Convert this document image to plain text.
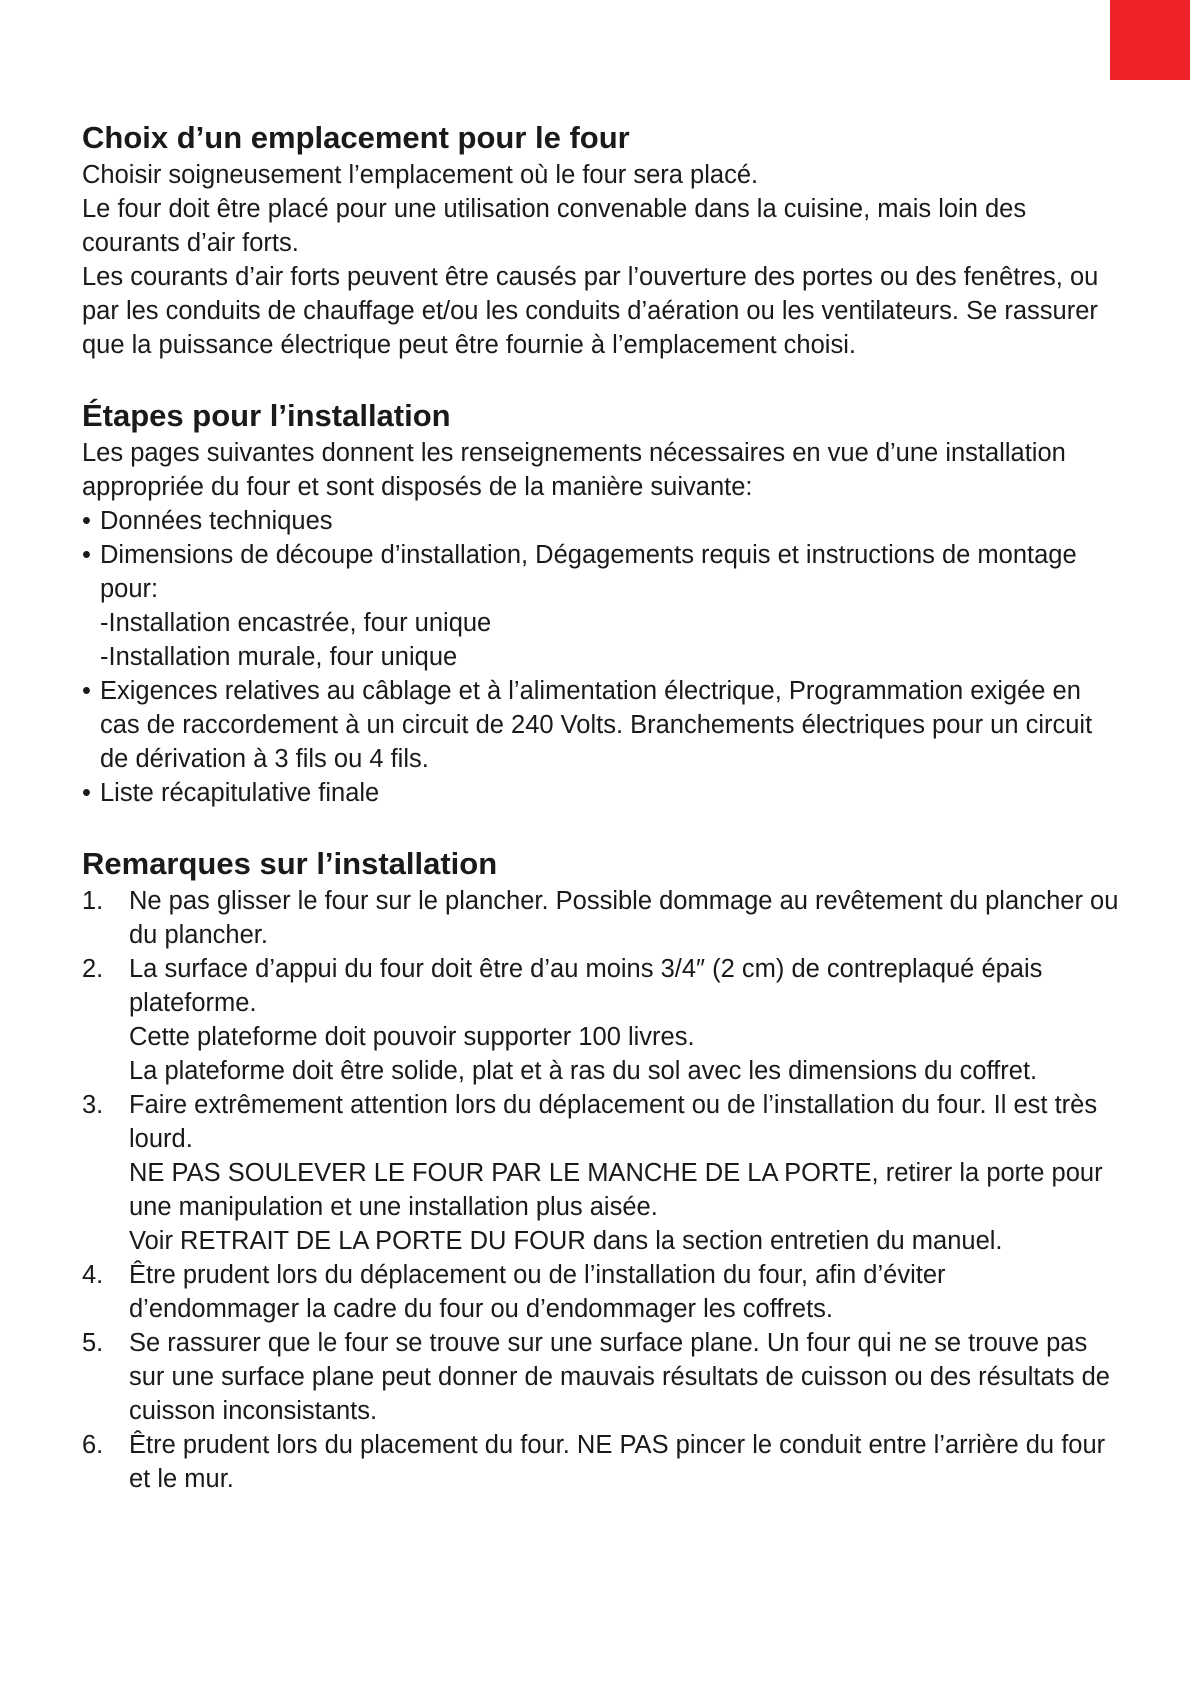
Choix d’un emplacement pour le four

Choisir soigneusement l’emplacement où le four sera placé.

Le four doit être placé pour une utilisation convenable dans la cuisine, mais loin des courants d’air forts.

Les courants d’air forts peuvent être causés par l’ouverture des portes ou des fenêtres, ou par les conduits de chauffage et/ou les conduits d’aération ou les ventilateurs. Se rassurer que la puissance électrique peut être fournie à l’emplacement choisi.

Étapes pour l’installation

Les pages suivantes donnent les renseignements nécessaires en vue d’une installation appropriée du four et sont disposés de la manière suivante:

• Données techniques
• Dimensions de découpe d’installation, Dégagements requis et instructions de montage pour:

-Installation encastrée, four unique

-Installation murale, four unique

• Exigences relatives au câblage et à l’alimentation électrique, Programmation exigée en cas de raccordement à un circuit de 240 Volts. Branchements électriques pour un circuit de dérivation à 3 fils ou 4 fils.
• Liste récapitulative finale
Remarques sur l’installation
1. Ne pas glisser le four sur le plancher. Possible dommage au revêtement du plancher ou du plancher.

2. La surface d’appui du four doit être d’au moins 3/4″ (2 cm) de contreplaqué épais plateforme.

Cette plateforme doit pouvoir supporter 100 livres.

La plateforme doit être solide, plat et à ras du sol avec les dimensions du coffret.

3. Faire extrêmement attention lors du déplacement ou de l’installation du four. Il est très lourd.

NE PAS SOULEVER LE FOUR PAR LE MANCHE DE LA PORTE, retirer la porte pour une manipulation et une installation plus aisée.

Voir RETRAIT DE LA PORTE DU FOUR dans la section entretien du manuel.

4. Être prudent lors du déplacement ou de l’installation du four, afin d’éviter d’endommager la cadre du four ou d’endommager les coffrets.

5. Se rassurer que le four se trouve sur une surface plane. Un four qui ne se trouve pas sur une surface plane peut donner de mauvais résultats de cuisson ou des résultats de cuisson inconsistants.

6. Être prudent lors du placement du four. NE PAS pincer le conduit entre l’arrière du four et le mur.
